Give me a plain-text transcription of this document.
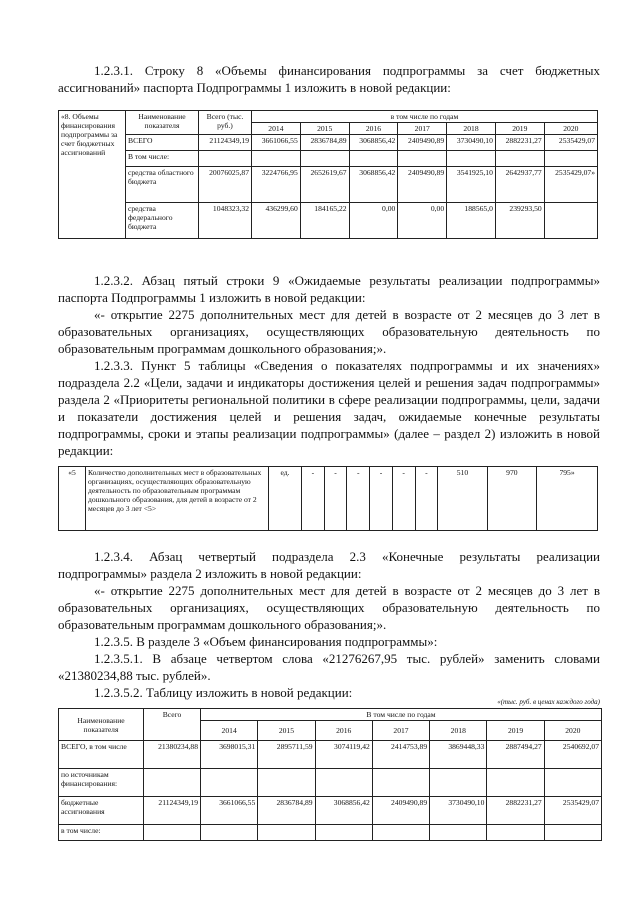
1.2.3.1. Строку 8 «Объемы финансирования подпрограммы за счет бюджетных ассигнований» паспорта Подпрограммы 1 изложить в новой редакции:

«8. Объемы финансирования подпрограммы за счет бюджетных ассигнований	Наименование показателя	Всего (тыс. руб.)	в том числе по годам						
			2014	2015	2016	2017	2018	2019	2020
	ВСЕГО	21124349,19	3661066,55	2836784,89	3068856,42	2409490,89	3730490,10	2882231,27	2535429,07
	В том числе:								
	средства областного бюджета	20076025,87	3224766,95	2652619,67	3068856,42	2409490,89	3541925,10	2642937,77	2535429,07»
	средства федерального бюджета	1048323,32	436299,60	184165,22	0,00	0,00	188565,0	239293,50	

1.2.3.2. Абзац пятый строки 9 «Ожидаемые результаты реализации подпрограммы» паспорта Подпрограммы 1 изложить в новой редакции:

«- открытие 2275 дополнительных мест для детей в возрасте от 2 месяцев до 3 лет в образовательных организациях, осуществляющих образовательную деятельность по образовательным программам дошкольного образования;».

1.2.3.3. Пункт 5 таблицы «Сведения о показателях подпрограммы и их значениях» подраздела 2.2 «Цели, задачи и индикаторы достижения целей и решения задач подпрограммы» раздела 2 «Приоритеты региональной политики в сфере реализации подпрограммы, цели, задачи и показатели достижения целей и решения задач, ожидаемые конечные результаты подпрограммы, сроки и этапы реализации подпрограммы» (далее – раздел 2) изложить в новой редакции:

«5	Количество дополнительных мест в образовательных организациях, осуществляющих образовательную деятельность по образовательным программам дошкольного образования, для детей в возрасте от 2 месяцев до 3 лет <5>	ед.	-	-	-	-	-	-	510	970	795»

1.2.3.4. Абзац четвертый подраздела 2.3 «Конечные результаты реализации подпрограммы» раздела 2 изложить в новой редакции:

«- открытие 2275 дополнительных мест для детей в возрасте от 2 месяцев до 3 лет в образовательных организациях, осуществляющих образовательную деятельность по образовательным программам дошкольного образования;».

1.2.3.5. В разделе 3 «Объем финансирования подпрограммы»:

1.2.3.5.1. В абзаце четвертом слова «21276267,95 тыс. рублей» заменить словами «21380234,88 тыс. рублей».

1.2.3.5.2. Таблицу изложить в новой редакции:

«(тыс. руб. в ценах каждого года)
Наименование показателя	Всего	В том числе по годам						
		2014	2015	2016	2017	2018	2019	2020
ВСЕГО, в том числе	21380234,88	3698015,31	2895711,59	3074119,42	2414753,89	3869448,33	2887494,27	2540692,07
по источникам финансирования:								
бюджетные ассигнования	21124349,19	3661066,55	2836784,89	3068856,42	2409490,89	3730490,10	2882231,27	2535429,07
в том числе:								
